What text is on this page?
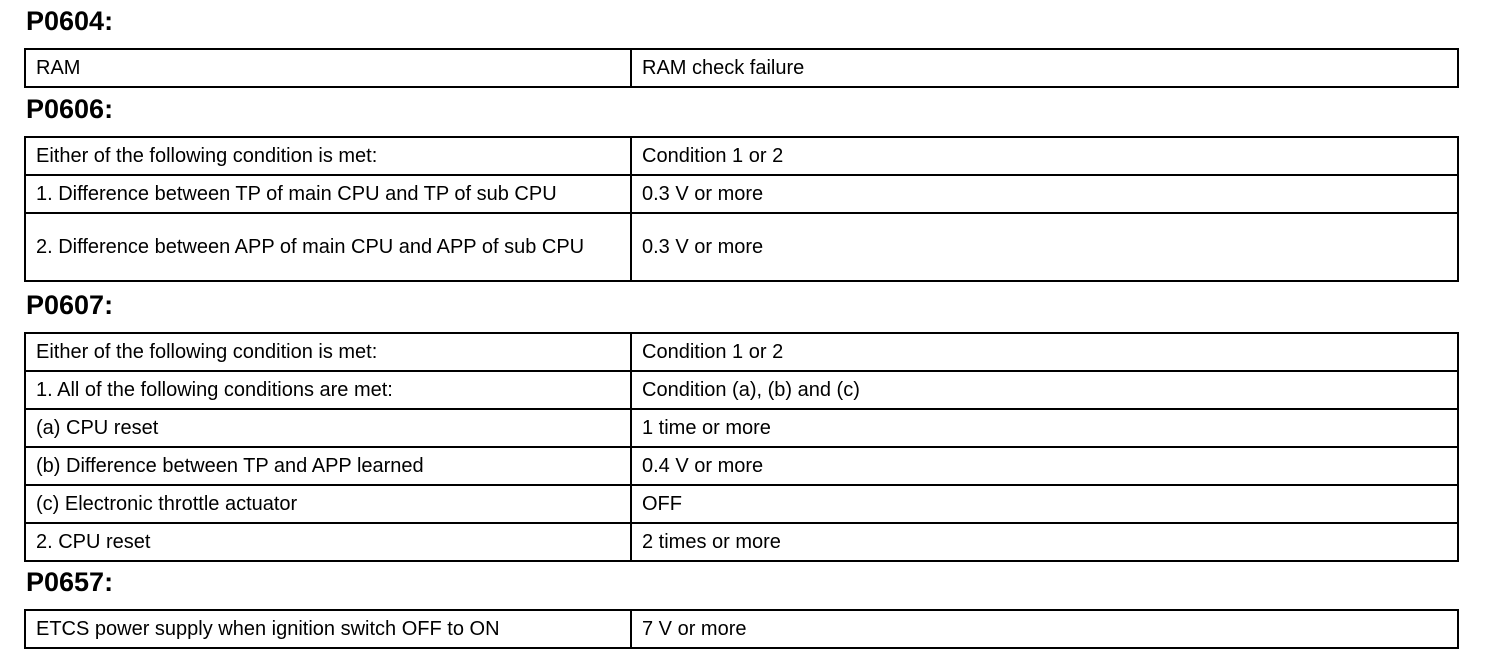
P0604:
RAM	RAM check failure
P0606:
Either of the following condition is met:	Condition 1 or 2
1. Difference between TP of main CPU and TP of sub CPU	0.3 V or more
2. Difference between APP of main CPU and APP of sub CPU	0.3 V or more
P0607:
Either of the following condition is met:	Condition 1 or 2
1. All of the following conditions are met:	Condition (a), (b) and (c)
(a) CPU reset	1 time or more
(b) Difference between TP and APP learned	0.4 V or more
(c) Electronic throttle actuator	OFF
2. CPU reset	2 times or more
P0657:
ETCS power supply when ignition switch OFF to ON	7 V or more
